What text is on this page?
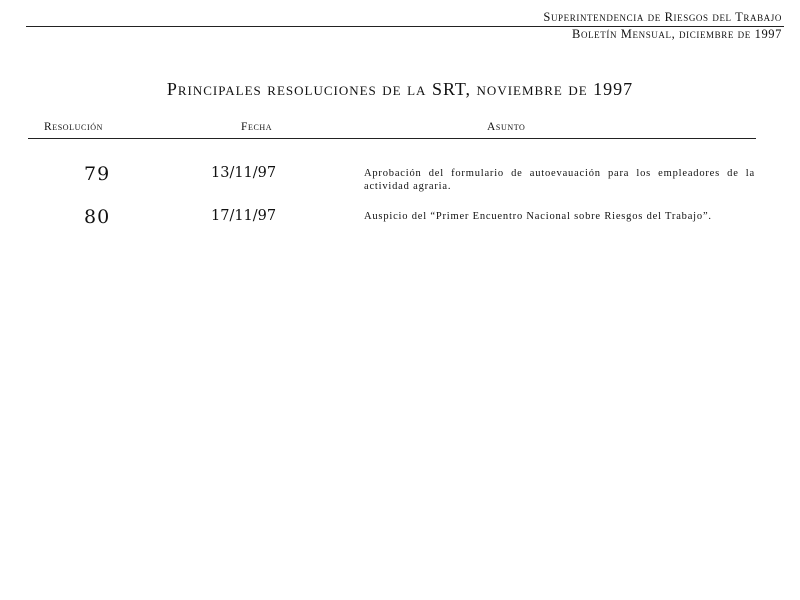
Superintendencia de Riesgos del Trabajo
Boletín Mensual, diciembre de 1997
Principales resoluciones de la SRT, noviembre de 1997
Resolución	Fecha	Asunto
79	13/11/97	Aprobación del formulario de autoevauación para los empleadores de la actividad agraria.
80	17/11/97	Auspicio del “Primer Encuentro Nacional sobre Riesgos del Trabajo”.
